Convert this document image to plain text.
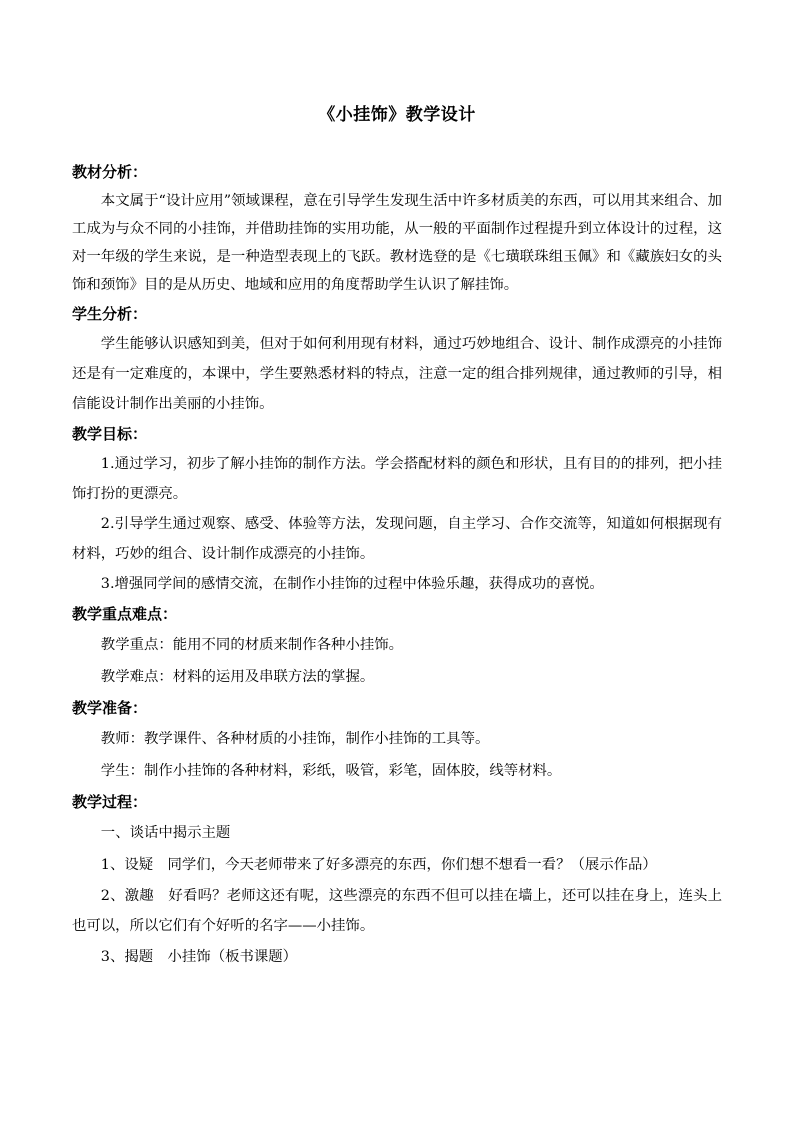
《小挂饰》教学设计
教材分析：

本文属于“设计应用”领域课程，意在引导学生发现生活中许多材质美的东西，可以用其来组合、加工成为与众不同的小挂饰，并借助挂饰的实用功能，从一般的平面制作过程提升到立体设计的过程，这对一年级的学生来说，是一种造型表现上的飞跃。教材选登的是《七璜联珠组玉佩》和《藏族妇女的头饰和颈饰》目的是从历史、地域和应用的角度帮助学生认识了解挂饰。

学生分析：

学生能够认识感知到美，但对于如何利用现有材料，通过巧妙地组合、设计、制作成漂亮的小挂饰还是有一定难度的，本课中，学生要熟悉材料的特点，注意一定的组合排列规律，通过教师的引导，相信能设计制作出美丽的小挂饰。

教学目标：

1.通过学习，初步了解小挂饰的制作方法。学会搭配材料的颜色和形状，且有目的的排列，把小挂饰打扮的更漂亮。

2.引导学生通过观察、感受、体验等方法，发现问题，自主学习、合作交流等，知道如何根据现有材料，巧妙的组合、设计制作成漂亮的小挂饰。

3.增强同学间的感情交流，在制作小挂饰的过程中体验乐趣，获得成功的喜悦。

教学重点难点：

教学重点：能用不同的材质来制作各种小挂饰。

教学难点：材料的运用及串联方法的掌握。

教学准备：

教师：教学课件、各种材质的小挂饰，制作小挂饰的工具等。

学生：制作小挂饰的各种材料，彩纸，吸管，彩笔，固体胶，线等材料。

教学过程：

一、谈话中揭示主题

1、设疑　同学们，今天老师带来了好多漂亮的东西，你们想不想看一看？（展示作品）

2、激趣　好看吗？老师这还有呢，这些漂亮的东西不但可以挂在墙上，还可以挂在身上，连头上也可以，所以它们有个好听的名字——小挂饰。

3、揭题　小挂饰（板书课题）
